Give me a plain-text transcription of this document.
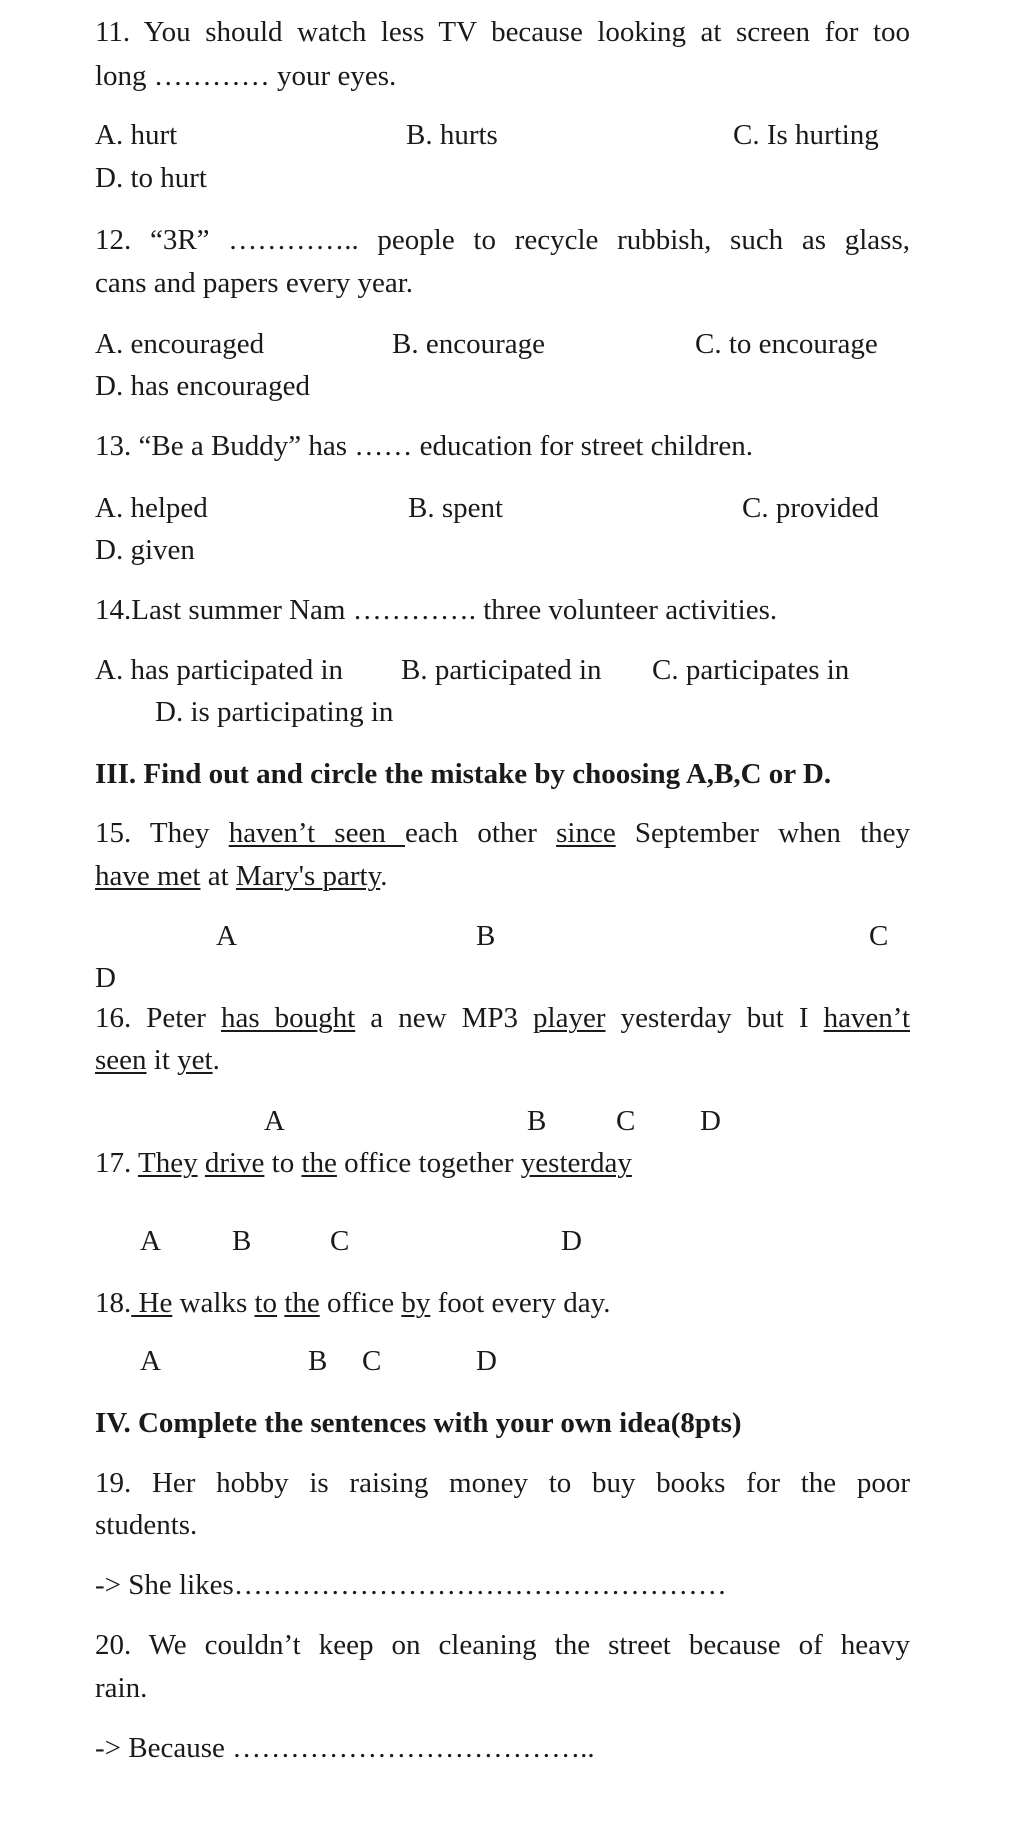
11. You should watch less TV because looking at screen for too
long ………… your eyes.
A. hurt	B. hurts	C. Is hurting
D. to hurt
12. “3R” ………….. people to recycle rubbish, such as glass,
cans and papers every year.
A. encouraged	B. encourage	C. to encourage
D. has encouraged
13. “Be a Buddy” has …… education for street children.
A. helped	B. spent	C. provided
D. given
14.Last summer Nam …………. three volunteer activities.
A. has participated in B. participated in C. participates in
D. is participating in
III. Find out and circle the mistake by choosing A,B,C or D.
15. They haven’t seen each other since September when they
have met at Mary's party.
A	B	C
D
16. Peter has bought a new MP3 player yesterday but I haven’t
seen it yet.
A	B C D
17. They drive to the office together yesterday
A B	C	D
18. He walks to the office by foot every day.
A	B C	D
IV. Complete the sentences with your own idea(8pts)
19. Her hobby is raising money to buy books for the poor
students.
-> She likes……………………………………………
20. We couldn’t keep on cleaning the street because of heavy
rain.
-> Because ………………………………..
